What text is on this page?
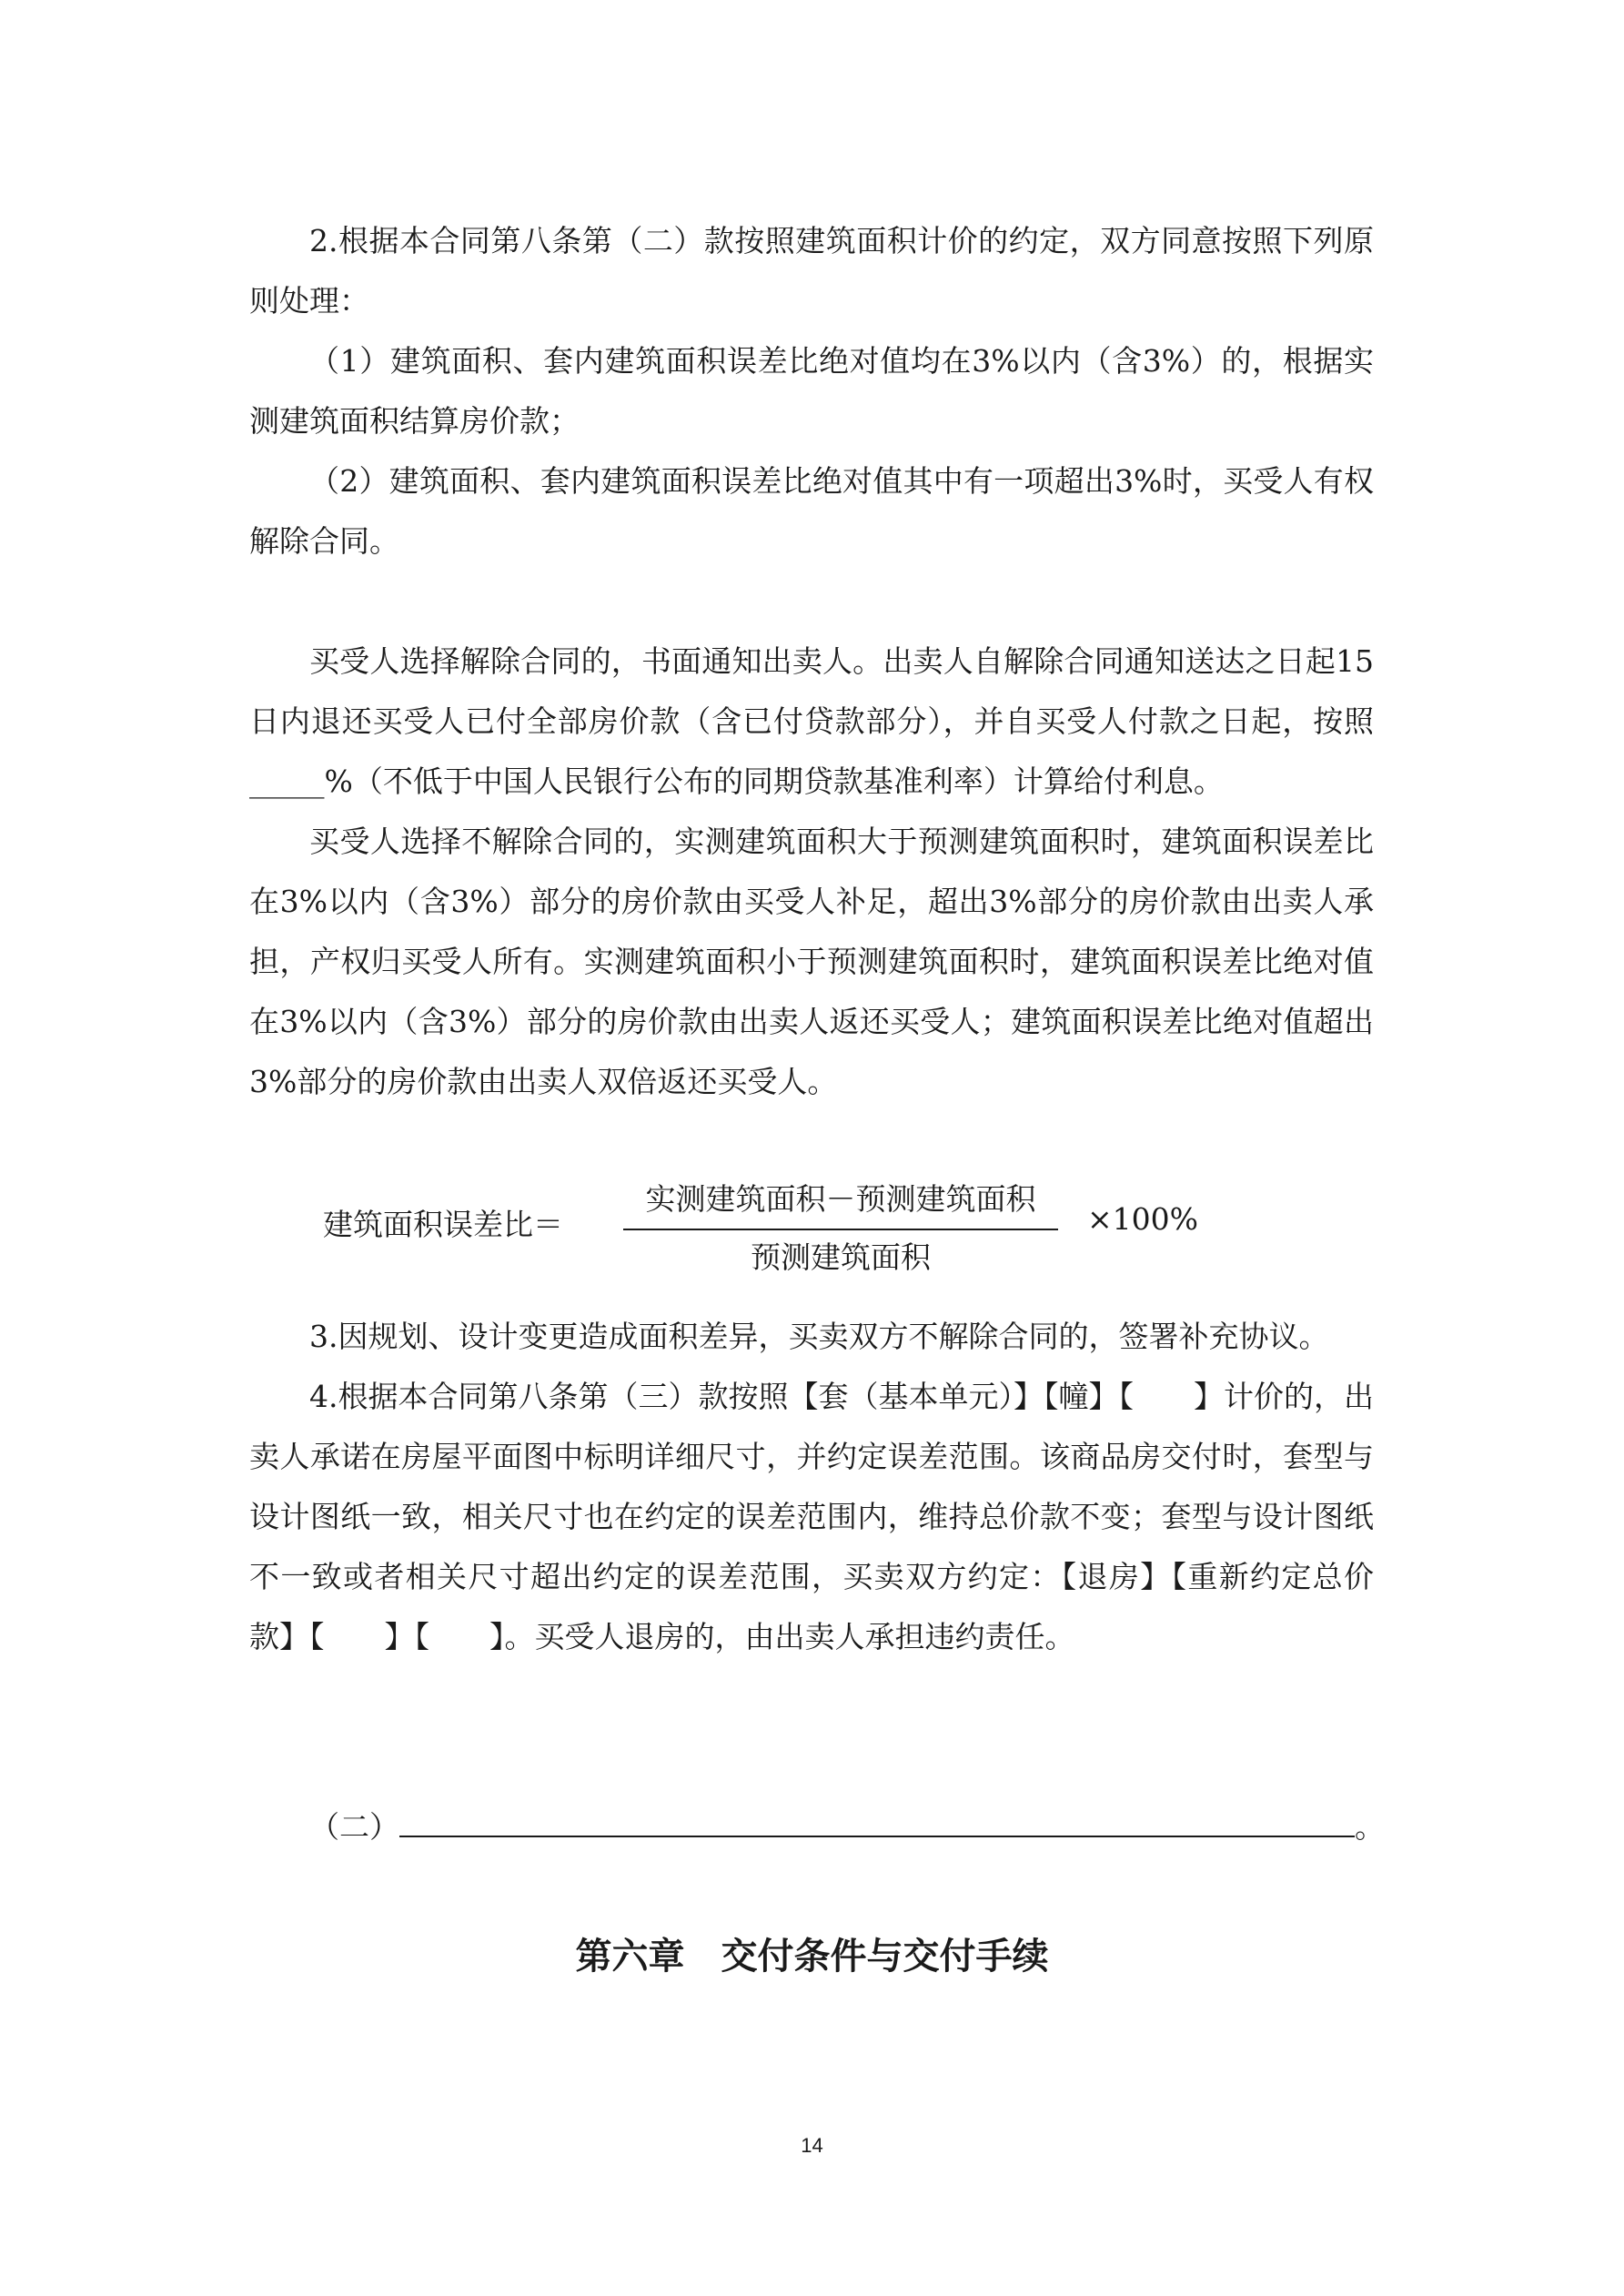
2.根据本合同第八条第（二）款按照建筑面积计价的约定，双方同意按照下列原则处理：

（1）建筑面积、套内建筑面积误差比绝对值均在3%以内（含3%）的，根据实测建筑面积结算房价款；

（2）建筑面积、套内建筑面积误差比绝对值其中有一项超出3%时，买受人有权解除合同。

买受人选择解除合同的，书面通知出卖人。出卖人自解除合同通知送达之日起15日内退还买受人已付全部房价款（含已付贷款部分），并自买受人付款之日起，按照_____%（不低于中国人民银行公布的同期贷款基准利率）计算给付利息。

买受人选择不解除合同的，实测建筑面积大于预测建筑面积时，建筑面积误差比在3%以内（含3%）部分的房价款由买受人补足，超出3%部分的房价款由出卖人承担，产权归买受人所有。实测建筑面积小于预测建筑面积时，建筑面积误差比绝对值在3%以内（含3%）部分的房价款由出卖人返还买受人；建筑面积误差比绝对值超出3%部分的房价款由出卖人双倍返还买受人。

建筑面积误差比＝
实测建筑面积－预测建筑面积
预测建筑面积
×100%

3.因规划、设计变更造成面积差异，买卖双方不解除合同的，签署补充协议。

4.根据本合同第八条第（三）款按照【套（基本单元）】【幢】【　　】计价的，出卖人承诺在房屋平面图中标明详细尺寸，并约定误差范围。该商品房交付时，套型与设计图纸一致，相关尺寸也在约定的误差范围内，维持总价款不变；套型与设计图纸不一致或者相关尺寸超出约定的误差范围，买卖双方约定：【退房】【重新约定总价款】【　　】【　　】。买受人退房的，由出卖人承担违约责任。

（二）	。
第六章　交付条件与交付手续
14
